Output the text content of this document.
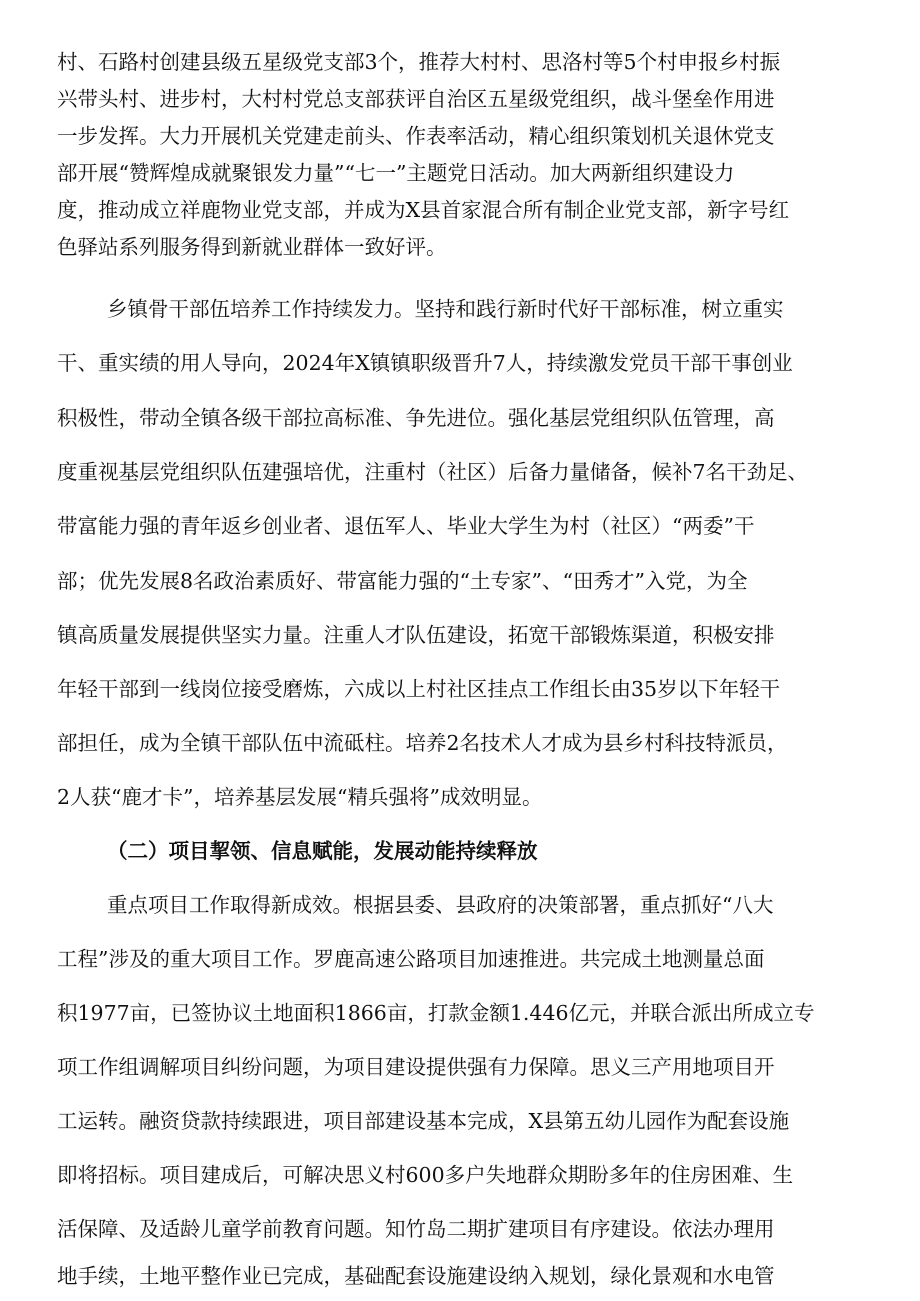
村、石路村创建县级五星级党支部3个，推荐大村村、思洛村等5个村申报乡村振
兴带头村、进步村，大村村党总支部获评自治区五星级党组织，战斗堡垒作用进
一步发挥。大力开展机关党建走前头、作表率活动，精心组织策划机关退休党支
部开展“赞辉煌成就聚银发力量”“七一”主题党日活动。加大两新组织建设力
度，推动成立祥鹿物业党支部，并成为X县首家混合所有制企业党支部，新字号红
色驿站系列服务得到新就业群体一致好评。
乡镇骨干部伍培养工作持续发力。坚持和践行新时代好干部标准，树立重实
干、重实绩的用人导向，2024年X镇镇职级晋升7人，持续激发党员干部干事创业
积极性，带动全镇各级干部拉高标准、争先进位。强化基层党组织队伍管理，高
度重视基层党组织队伍建强培优，注重村（社区）后备力量储备，候补7名干劲足、
带富能力强的青年返乡创业者、退伍军人、毕业大学生为村（社区）“两委”干
部；优先发展8名政治素质好、带富能力强的“土专家”、“田秀才”入党，为全
镇高质量发展提供坚实力量。注重人才队伍建设，拓宽干部锻炼渠道，积极安排
年轻干部到一线岗位接受磨炼，六成以上村社区挂点工作组长由35岁以下年轻干
部担任，成为全镇干部队伍中流砥柱。培养2名技术人才成为县乡村科技特派员，
2人获“鹿才卡”，培养基层发展“精兵强将”成效明显。
（二）项目挈领、信息赋能，发展动能持续释放
重点项目工作取得新成效。根据县委、县政府的决策部署，重点抓好“八大
工程”涉及的重大项目工作。罗鹿高速公路项目加速推进。共完成土地测量总面
积1977亩，已签协议土地面积1866亩，打款金额1.446亿元，并联合派出所成立专
项工作组调解项目纠纷问题，为项目建设提供强有力保障。思义三产用地项目开
工运转。融资贷款持续跟进，项目部建设基本完成，X县第五幼儿园作为配套设施
即将招标。项目建成后，可解决思义村600多户失地群众期盼多年的住房困难、生
活保障、及适龄儿童学前教育问题。知竹岛二期扩建项目有序建设。依法办理用
地手续，土地平整作业已完成，基础配套设施建设纳入规划，绿化景观和水电管
